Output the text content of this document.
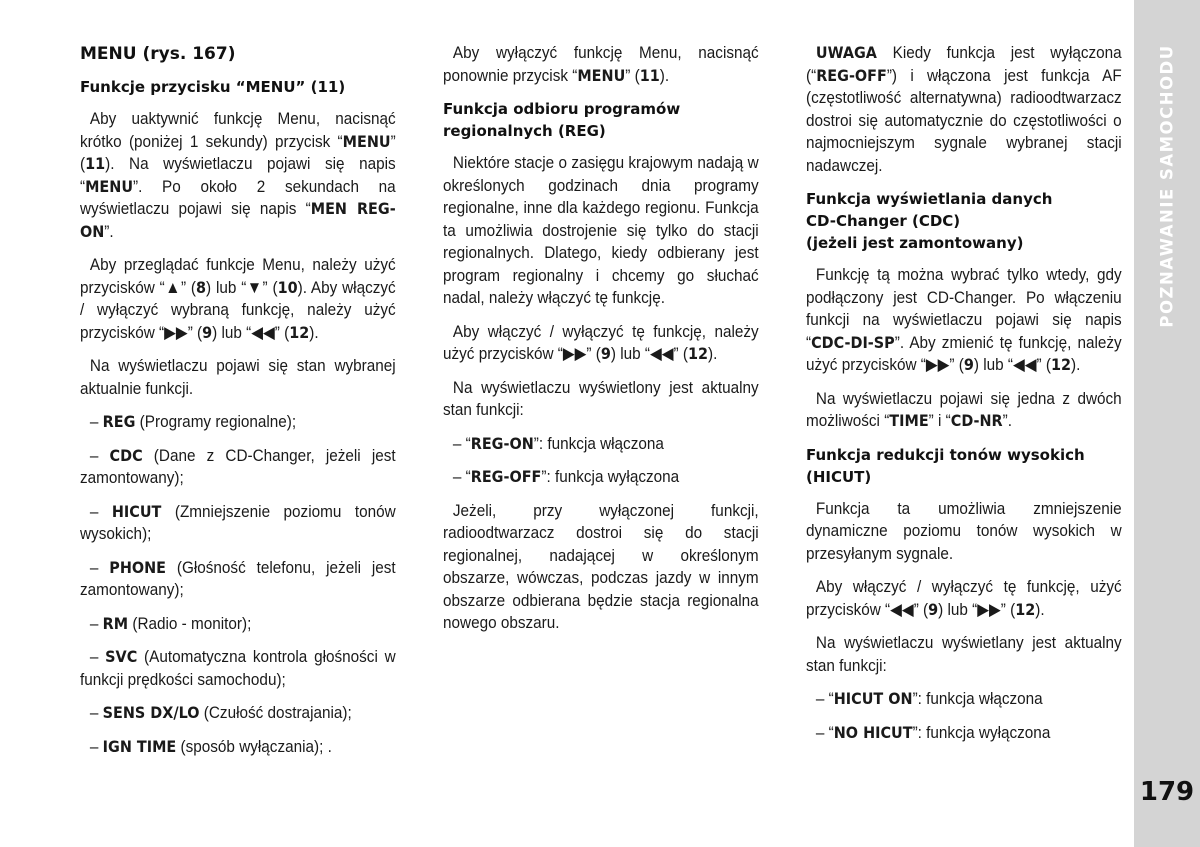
POZNAWANIE SAMOCHODU
179
MENU (rys. 167)
Funkcje przycisku “MENU” (11)

Aby uaktywnić funkcję Menu, nacisnąć krótko (poniżej 1 sekundy) przycisk “MENU” (11). Na wyświetlaczu pojawi się napis “MENU”. Po około 2 sekundach na wyświetlaczu pojawi się napis “MEN REG-ON”.

Aby przeglądać funkcje Menu, należy użyć przycisków “▲” (8) lub “▼” (10). Aby włączyć / wyłączyć wybraną funkcję, należy użyć przycisków “▶▶” (9) lub “◀◀” (12).

Na wyświetlaczu pojawi się stan wybranej aktualnie funkcji.

– REG (Programy regionalne);

– CDC (Dane z CD-Changer, jeżeli jest zamontowany);

– HICUT (Zmniejszenie poziomu tonów wysokich);

– PHONE (Głośność telefonu, jeżeli jest zamontowany);

– RM (Radio - monitor);

– SVC (Automatyczna kontrola głośności w funkcji prędkości samochodu);

– SENS DX/LO (Czułość dostrajania);

– IGN TIME (sposób wyłączania); .

Aby wyłączyć funkcję Menu, nacisnąć ponownie przycisk “MENU” (11).

Funkcja odbioru programów regionalnych (REG)

Niektóre stacje o zasięgu krajowym nadają w określonych godzinach dnia programy regionalne, inne dla każdego regionu. Funkcja ta umożliwia dostrojenie się tylko do stacji regionalnych. Dlatego, kiedy odbierany jest program regionalny i chcemy go słuchać nadal, należy włączyć tę funkcję.

Aby włączyć / wyłączyć tę funkcję, należy użyć przycisków “▶▶” (9) lub “◀◀” (12).

Na wyświetlaczu wyświetlony jest aktualny stan funkcji:

– “REG-ON”: funkcja włączona

– “REG-OFF”: funkcja wyłączona

Jeżeli, przy wyłączonej funkcji, radioodtwarzacz dostroi się do stacji regionalnej, nadającej w określonym obszarze, wówczas, podczas jazdy w innym obszarze odbierana będzie stacja regionalna nowego obszaru.

UWAGA Kiedy funkcja jest wyłączona (“REG-OFF”) i włączona jest funkcja AF (częstotliwość alternatywna) radioodtwarzacz dostroi się automatycznie do częstotliwości o najmocniejszym sygnale wybranej stacji nadawczej.

Funkcja wyświetlania danych
CD-Changer (CDC)
(jeżeli jest zamontowany)

Funkcję tą można wybrać tylko wtedy, gdy podłączony jest CD-Changer. Po włączeniu funkcji na wyświetlaczu pojawi się napis “CDC-DI-SP”. Aby zmienić tę funkcję, należy użyć przycisków “▶▶” (9) lub “◀◀” (12).

Na wyświetlaczu pojawi się jedna z dwóch możliwości “TIME” i “CD-NR”.

Funkcja redukcji tonów wysokich (HICUT)

Funkcja ta umożliwia zmniejszenie dynamiczne poziomu tonów wysokich w przesyłanym sygnale.

Aby włączyć / wyłączyć tę funkcję, użyć przycisków “◀◀” (9) lub “▶▶” (12).

Na wyświetlaczu wyświetlany jest aktualny stan funkcji:

– “HICUT ON”: funkcja włączona

– “NO HICUT”: funkcja wyłączona
